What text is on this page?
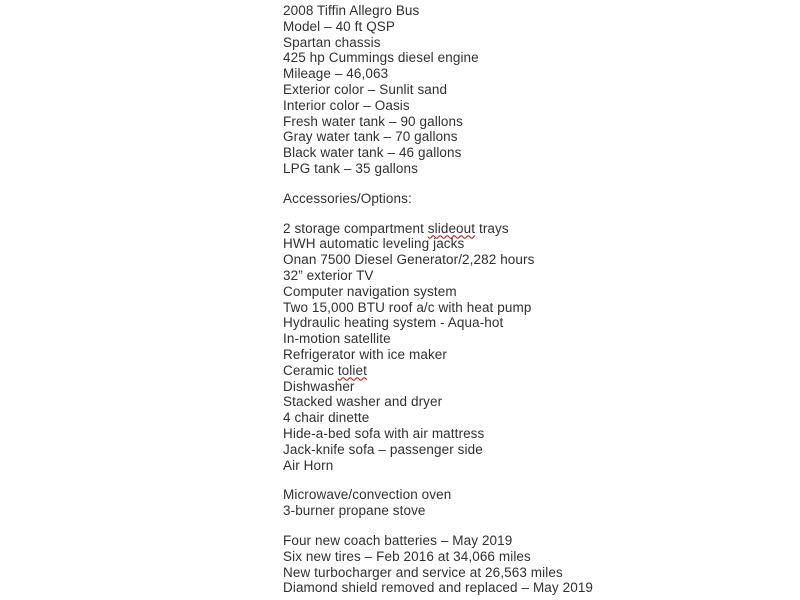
2008 Tiffin Allegro Bus
Model – 40 ft QSP
Spartan chassis
425 hp Cummings diesel engine
Mileage – 46,063
Exterior color – Sunlit sand
Interior color – Oasis
Fresh water tank – 90 gallons
Gray water tank – 70 gallons
Black water tank – 46 gallons
LPG tank – 35 gallons
Accessories/Options:
2 storage compartment slideout trays
HWH automatic leveling jacks
Onan 7500 Diesel Generator/2,282 hours
32” exterior TV
Computer navigation system
Two 15,000 BTU roof a/c with heat pump
Hydraulic heating system - Aqua-hot
In-motion satellite
Refrigerator with ice maker
Ceramic toliet
Dishwasher
Stacked washer and dryer
4 chair dinette
Hide-a-bed sofa with air mattress
Jack-knife sofa – passenger side
Air Horn
Microwave/convection oven
3-burner propane stove
Four new coach batteries – May 2019
Six new tires – Feb 2016 at 34,066 miles
New turbocharger and service at 26,563 miles
Diamond shield removed and replaced – May 2019
